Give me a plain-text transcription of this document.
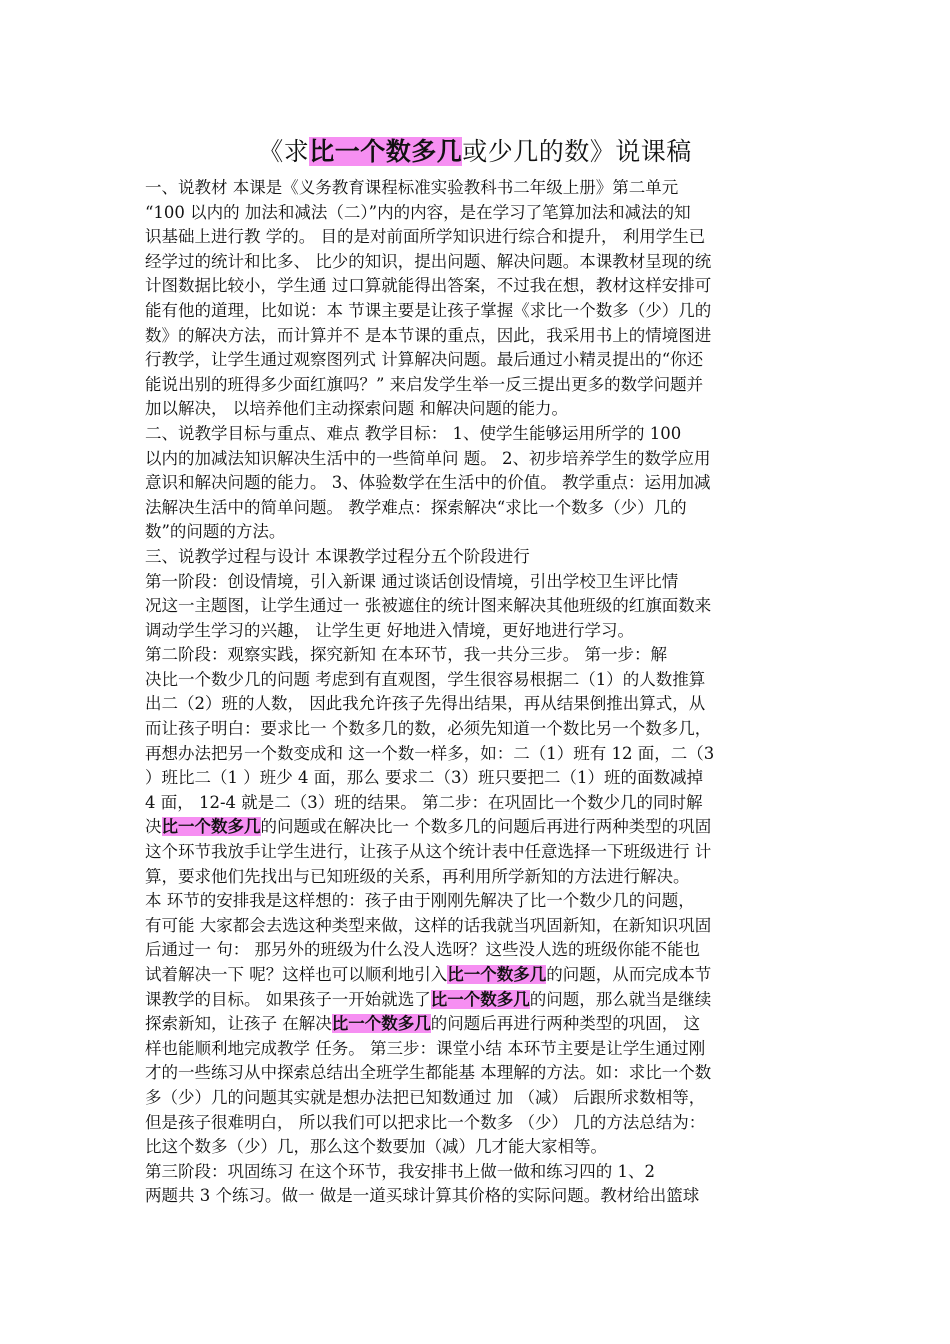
《求比一个数多几或少几的数》说课稿
一、说教材 本课是《义务教育课程标准实验教科书二年级上册》第二单元
“100 以内的 加法和减法（二）”内的内容，是在学习了笔算加法和减法的知
识基础上进行教 学的。 目的是对前面所学知识进行综合和提升， 利用学生已
经学过的统计和比多、 比少的知识，提出问题、解决问题。本课教材呈现的统
计图数据比较小，学生通 过口算就能得出答案，不过我在想，教材这样安排可
能有他的道理，比如说：本 节课主要是让孩子掌握《求比一个数多（少）几的
数》的解决方法，而计算并不 是本节课的重点，因此，我采用书上的情境图进
行教学，让学生通过观察图列式 计算解决问题。最后通过小精灵提出的“你还
能说出别的班得多少面红旗吗？” 来启发学生举一反三提出更多的数学问题并
加以解决， 以培养他们主动探索问题 和解决问题的能力。
二、说教学目标与重点、难点 教学目标： 1、使学生能够运用所学的 100
以内的加减法知识解决生活中的一些简单问 题。 2、初步培养学生的数学应用
意识和解决问题的能力。 3、体验数学在生活中的价值。 教学重点：运用加减
法解决生活中的简单问题。 教学难点：探索解决“求比一个数多（少）几的
数”的问题的方法。
三、说教学过程与设计 本课教学过程分五个阶段进行
第一阶段：创设情境，引入新课 通过谈话创设情境，引出学校卫生评比情
况这一主题图，让学生通过一 张被遮住的统计图来解决其他班级的红旗面数来
调动学生学习的兴趣， 让学生更 好地进入情境，更好地进行学习。
第二阶段：观察实践，探究新知 在本环节，我一共分三步。 第一步：解
决比一个数少几的问题 考虑到有直观图，学生很容易根据二（1）的人数推算
出二（2）班的人数， 因此我允许孩子先得出结果，再从结果倒推出算式，从
而让孩子明白：要求比一 个数多几的数，必须先知道一个数比另一个数多几，
再想办法把另一个数变成和 这一个数一样多，如：二（1）班有 12 面，二（3
）班比二（1 ）班少 4 面，那么 要求二（3）班只要把二（1）班的面数减掉
4 面， 12-4 就是二（3）班的结果。 第二步：在巩固比一个数少几的同时解
决比一个数多几的问题或在解决比一 个数多几的问题后再进行两种类型的巩固
这个环节我放手让学生进行，让孩子从这个统计表中任意选择一下班级进行 计
算，要求他们先找出与已知班级的关系，再利用所学新知的方法进行解决。
本 环节的安排我是这样想的：孩子由于刚刚先解决了比一个数少几的问题，
有可能 大家都会去选这种类型来做，这样的话我就当巩固新知，在新知识巩固
后通过一 句： 那另外的班级为什么没人选呀？这些没人选的班级你能不能也
试着解决一下 呢？这样也可以顺利地引入比一个数多几的问题，从而完成本节
课教学的目标。 如果孩子一开始就选了比一个数多几的问题，那么就当是继续
探索新知，让孩子 在解决比一个数多几的问题后再进行两种类型的巩固， 这
样也能顺利地完成教学 任务。 第三步：课堂小结 本环节主要是让学生通过刚
才的一些练习从中探索总结出全班学生都能基 本理解的方法。如：求比一个数
多（少）几的问题其实就是想办法把已知数通过 加 （减） 后跟所求数相等，
但是孩子很难明白， 所以我们可以把求比一个数多 （少） 几的方法总结为：
比这个数多（少）几，那么这个数要加（减）几才能大家相等。
第三阶段：巩固练习 在这个环节，我安排书上做一做和练习四的 1、2
两题共 3 个练习。做一 做是一道买球计算其价格的实际问题。教材给出篮球
